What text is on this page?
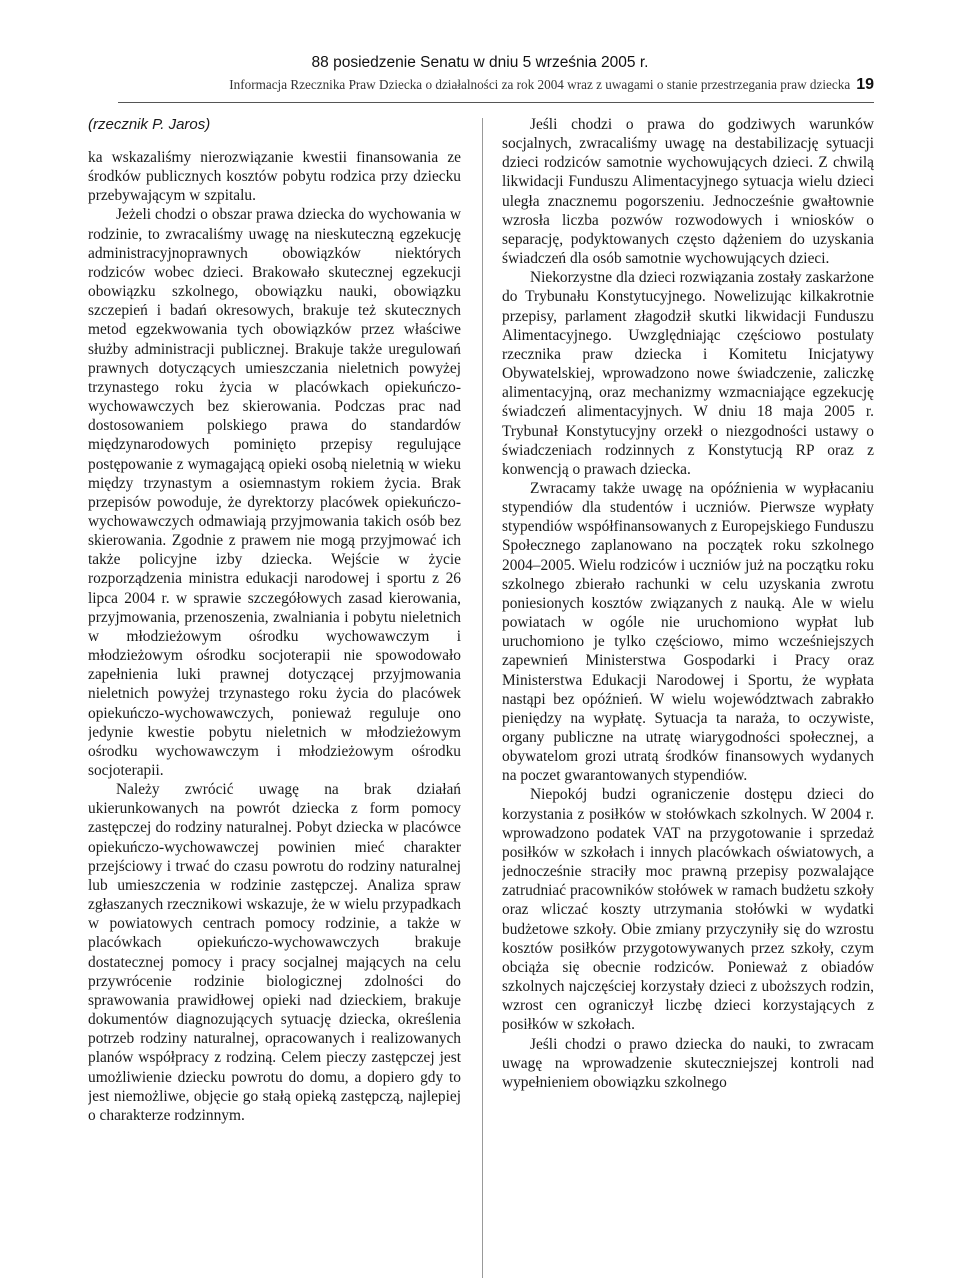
88 posiedzenie Senatu w dniu 5 września 2005 r.
Informacja Rzecznika Praw Dziecka o działalności za rok 2004 wraz z uwagami o stanie przestrzegania praw dziecka 19
(rzecznik P. Jaros)

ka wskazaliśmy nierozwiązanie kwestii finansowania ze środków publicznych kosztów pobytu rodzica przy dziecku przebywającym w szpitalu.

Jeżeli chodzi o obszar prawa dziecka do wychowania w rodzinie, to zwracaliśmy uwagę na nieskuteczną egzekucję administracyjnoprawnych obowiązków niektórych rodziców wobec dzieci. Brakowało skutecznej egzekucji obowiązku szkolnego, obowiązku nauki, obowiązku szczepień i badań okresowych, brakuje też skutecznych metod egzekwowania tych obowiązków przez właściwe służby administracji publicznej. Brakuje także uregulowań prawnych dotyczących umieszczania nieletnich powyżej trzynastego roku życia w placówkach opiekuńczo-wychowawczych bez skierowania. Podczas prac nad dostosowaniem polskiego prawa do standardów międzynarodowych pominięto przepisy regulujące postępowanie z wymagającą opieki osobą nieletnią w wieku między trzynastym a osiemnastym rokiem życia. Brak przepisów powoduje, że dyrektorzy placówek opiekuńczo-wychowawczych odmawiają przyjmowania takich osób bez skierowania. Zgodnie z prawem nie mogą przyjmować ich także policyjne izby dziecka. Wejście w życie rozporządzenia ministra edukacji narodowej i sportu z 26 lipca 2004 r. w sprawie szczegółowych zasad kierowania, przyjmowania, przenoszenia, zwalniania i pobytu nieletnich w młodzieżowym ośrodku wychowawczym i młodzieżowym ośrodku socjoterapii nie spowodowało zapełnienia luki prawnej dotyczącej przyjmowania nieletnich powyżej trzynastego roku życia do placówek opiekuńczo-wychowawczych, ponieważ reguluje ono jedynie kwestie pobytu nieletnich w młodzieżowym ośrodku wychowawczym i młodzieżowym ośrodku socjoterapii.

Należy zwrócić uwagę na brak działań ukierunkowanych na powrót dziecka z form pomocy zastępczej do rodziny naturalnej. Pobyt dziecka w placówce opiekuńczo-wychowawczej powinien mieć charakter przejściowy i trwać do czasu powrotu do rodziny naturalnej lub umieszczenia w rodzinie zastępczej. Analiza spraw zgłaszanych rzecznikowi wskazuje, że w wielu przypadkach w powiatowych centrach pomocy rodzinie, a także w placówkach opiekuńczo-wychowawczych brakuje dostatecznej pomocy i pracy socjalnej mających na celu przywrócenie rodzinie biologicznej zdolności do sprawowania prawidłowej opieki nad dzieckiem, brakuje dokumentów diagnozujących sytuację dziecka, określenia potrzeb rodziny naturalnej, opracowanych i realizowanych planów współpracy z rodziną. Celem pieczy zastępczej jest umożliwienie dziecku powrotu do domu, a dopiero gdy to jest niemożliwe, objęcie go stałą opieką zastępczą, najlepiej o charakterze rodzinnym.

Jeśli chodzi o prawa do godziwych warunków socjalnych, zwracaliśmy uwagę na destabilizację sytuacji dzieci rodziców samotnie wychowujących dzieci. Z chwilą likwidacji Funduszu Alimentacyjnego sytuacja wielu dzieci uległa znacznemu pogorszeniu. Jednocześnie gwałtownie wzrosła liczba pozwów rozwodowych i wniosków o separację, podyktowanych często dążeniem do uzyskania świadczeń dla osób samotnie wychowujących dzieci.

Niekorzystne dla dzieci rozwiązania zostały zaskarżone do Trybunału Konstytucyjnego. Nowelizując kilkakrotnie przepisy, parlament złagodził skutki likwidacji Funduszu Alimentacyjnego. Uwzględniając częściowo postulaty rzecznika praw dziecka i Komitetu Inicjatywy Obywatelskiej, wprowadzono nowe świadczenie, zaliczkę alimentacyjną, oraz mechanizmy wzmacniające egzekucję świadczeń alimentacyjnych. W dniu 18 maja 2005 r. Trybunał Konstytucyjny orzekł o niezgodności ustawy o świadczeniach rodzinnych z Konstytucją RP oraz z konwencją o prawach dziecka.

Zwracamy także uwagę na opóźnienia w wypłacaniu stypendiów dla studentów i uczniów. Pierwsze wypłaty stypendiów współfinansowanych z Europejskiego Funduszu Społecznego zaplanowano na początek roku szkolnego 2004–2005. Wielu rodziców i uczniów już na początku roku szkolnego zbierało rachunki w celu uzyskania zwrotu poniesionych kosztów związanych z nauką. Ale w wielu powiatach w ogóle nie uruchomiono wypłat lub uruchomiono je tylko częściowo, mimo wcześniejszych zapewnień Ministerstwa Gospodarki i Pracy oraz Ministerstwa Edukacji Narodowej i Sportu, że wypłata nastąpi bez opóźnień. W wielu województwach zabrakło pieniędzy na wypłatę. Sytuacja ta naraża, to oczywiste, organy publiczne na utratę wiarygodności społecznej, a obywatelom grozi utratą środków finansowych wydanych na poczet gwarantowanych stypendiów.

Niepokój budzi ograniczenie dostępu dzieci do korzystania z posiłków w stołówkach szkolnych. W 2004 r. wprowadzono podatek VAT na przygotowanie i sprzedaż posiłków w szkołach i innych placówkach oświatowych, a jednocześnie straciły moc prawną przepisy pozwalające zatrudniać pracowników stołówek w ramach budżetu szkoły oraz wliczać koszty utrzymania stołówki w wydatki budżetowe szkoły. Obie zmiany przyczyniły się do wzrostu kosztów posiłków przygotowywanych przez szkoły, czym obciąża się obecnie rodziców. Ponieważ z obiadów szkolnych najczęściej korzystały dzieci z uboższych rodzin, wzrost cen ograniczył liczbę dzieci korzystających z posiłków w szkołach.

Jeśli chodzi o prawo dziecka do nauki, to zwracam uwagę na wprowadzenie skuteczniejszej kontroli nad wypełnieniem obowiązku szkolnego
